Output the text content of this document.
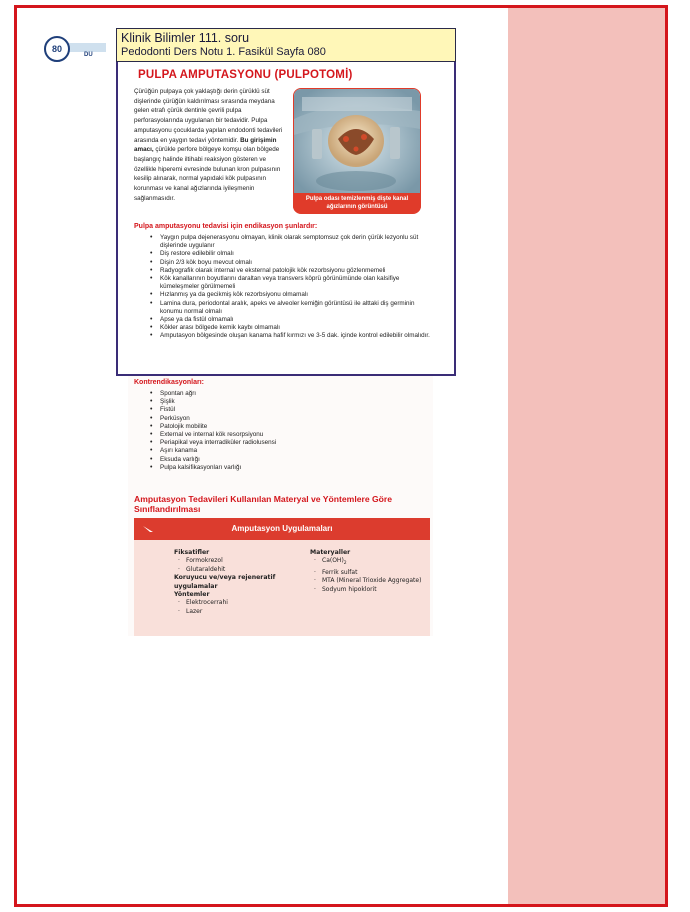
DU
80
Klinik Bilimler 111. soru
Pedodonti Ders Notu 1. Fasikül Sayfa 080
PULPA AMPUTASYONU (PULPOTOMİ)
Çürüğün pulpaya çok yaklaştığı derin çürüklü süt dişlerinde çürüğün kaldırılması sırasında meydana gelen etrafı çürük dentinle çevrili pulpa perforasyolarında uygulanan bir tedavidir. Pulpa amputasyonu çocuklarda yapılan endodonti tedavileri arasında en yaygın tedavi yöntemidir. Bu girişimin amacı, çürükle perfore bölgeye komşu olan bölgede başlangıç halinde iltihabi reaksiyon gösteren ve özellikle hiperemi evresinde bulunan kron pulpasının kesilip alınarak, normal yapıdaki kök pulpasının korunması ve kanal ağızlarında iyileşmenin sağlanmasıdır.	Pulpa odası temizlenmiş dişte kanal ağızlarının görüntüsü
Pulpa amputasyonu tedavisi için endikasyon şunlardır:
• Yaygın pulpa dejenerasyonu olmayan, klinik olarak semptomsuz çok derin çürük lezyonlu süt dişlerinde uygulanır
• Diş restore edilebilir olmalı
• Dişin 2/3 kök boyu mevcut olmalı
• Radyografik olarak internal ve eksternal patolojik kök rezorbsiyonu gözlenmemeli
• Kök kanallarının boyutlarını daraltan veya transvers köprü görünümünde olan kalsifiye kümeleşmeler görülmemeli
• Hızlanmış ya da gecikmiş kök rezorbsiyonu olmamalı
• Lamina dura, periodontal aralık, apeks ve alveoler kemiğin görüntüsü ile alttaki diş germinin konumu normal olmalı
• Apse ya da fistül olmamalı
• Kökler arası bölgede kemik kaybı olmamalı
• Amputasyon bölgesinde oluşan kanama hafif kırmızı ve 3-5 dak. içinde kontrol edilebilir olmalıdır.
Kontrendikasyonları:
• Spontan ağrı
• Şişlik
• Fistül
• Perküsyon
• Patolojik mobilite
• External ve internal kök resorpsiyonu
• Periapikal veya interradiküler radiolusensi
• Aşırı kanama
• Eksuda varlığı
• Pulpa kalsifikasyonları varlığı
Amputasyon Tedavileri Kullanılan Materyal ve Yöntemlere Göre Sınıflandırılması
Amputasyon Uygulamaları
Fiksatifler
· Formokrezol
· Glutaraldehit
Koruyucu ve/veya rejeneratif uygulamalar
Yöntemler
· Elektrocerrahi
· Lazer
Materyaller
· $Ca(OH)_2$
· Ferrik sulfat
· MTA (Mineral Trioxide Aggregate)
· Sodyum hipoklorit
